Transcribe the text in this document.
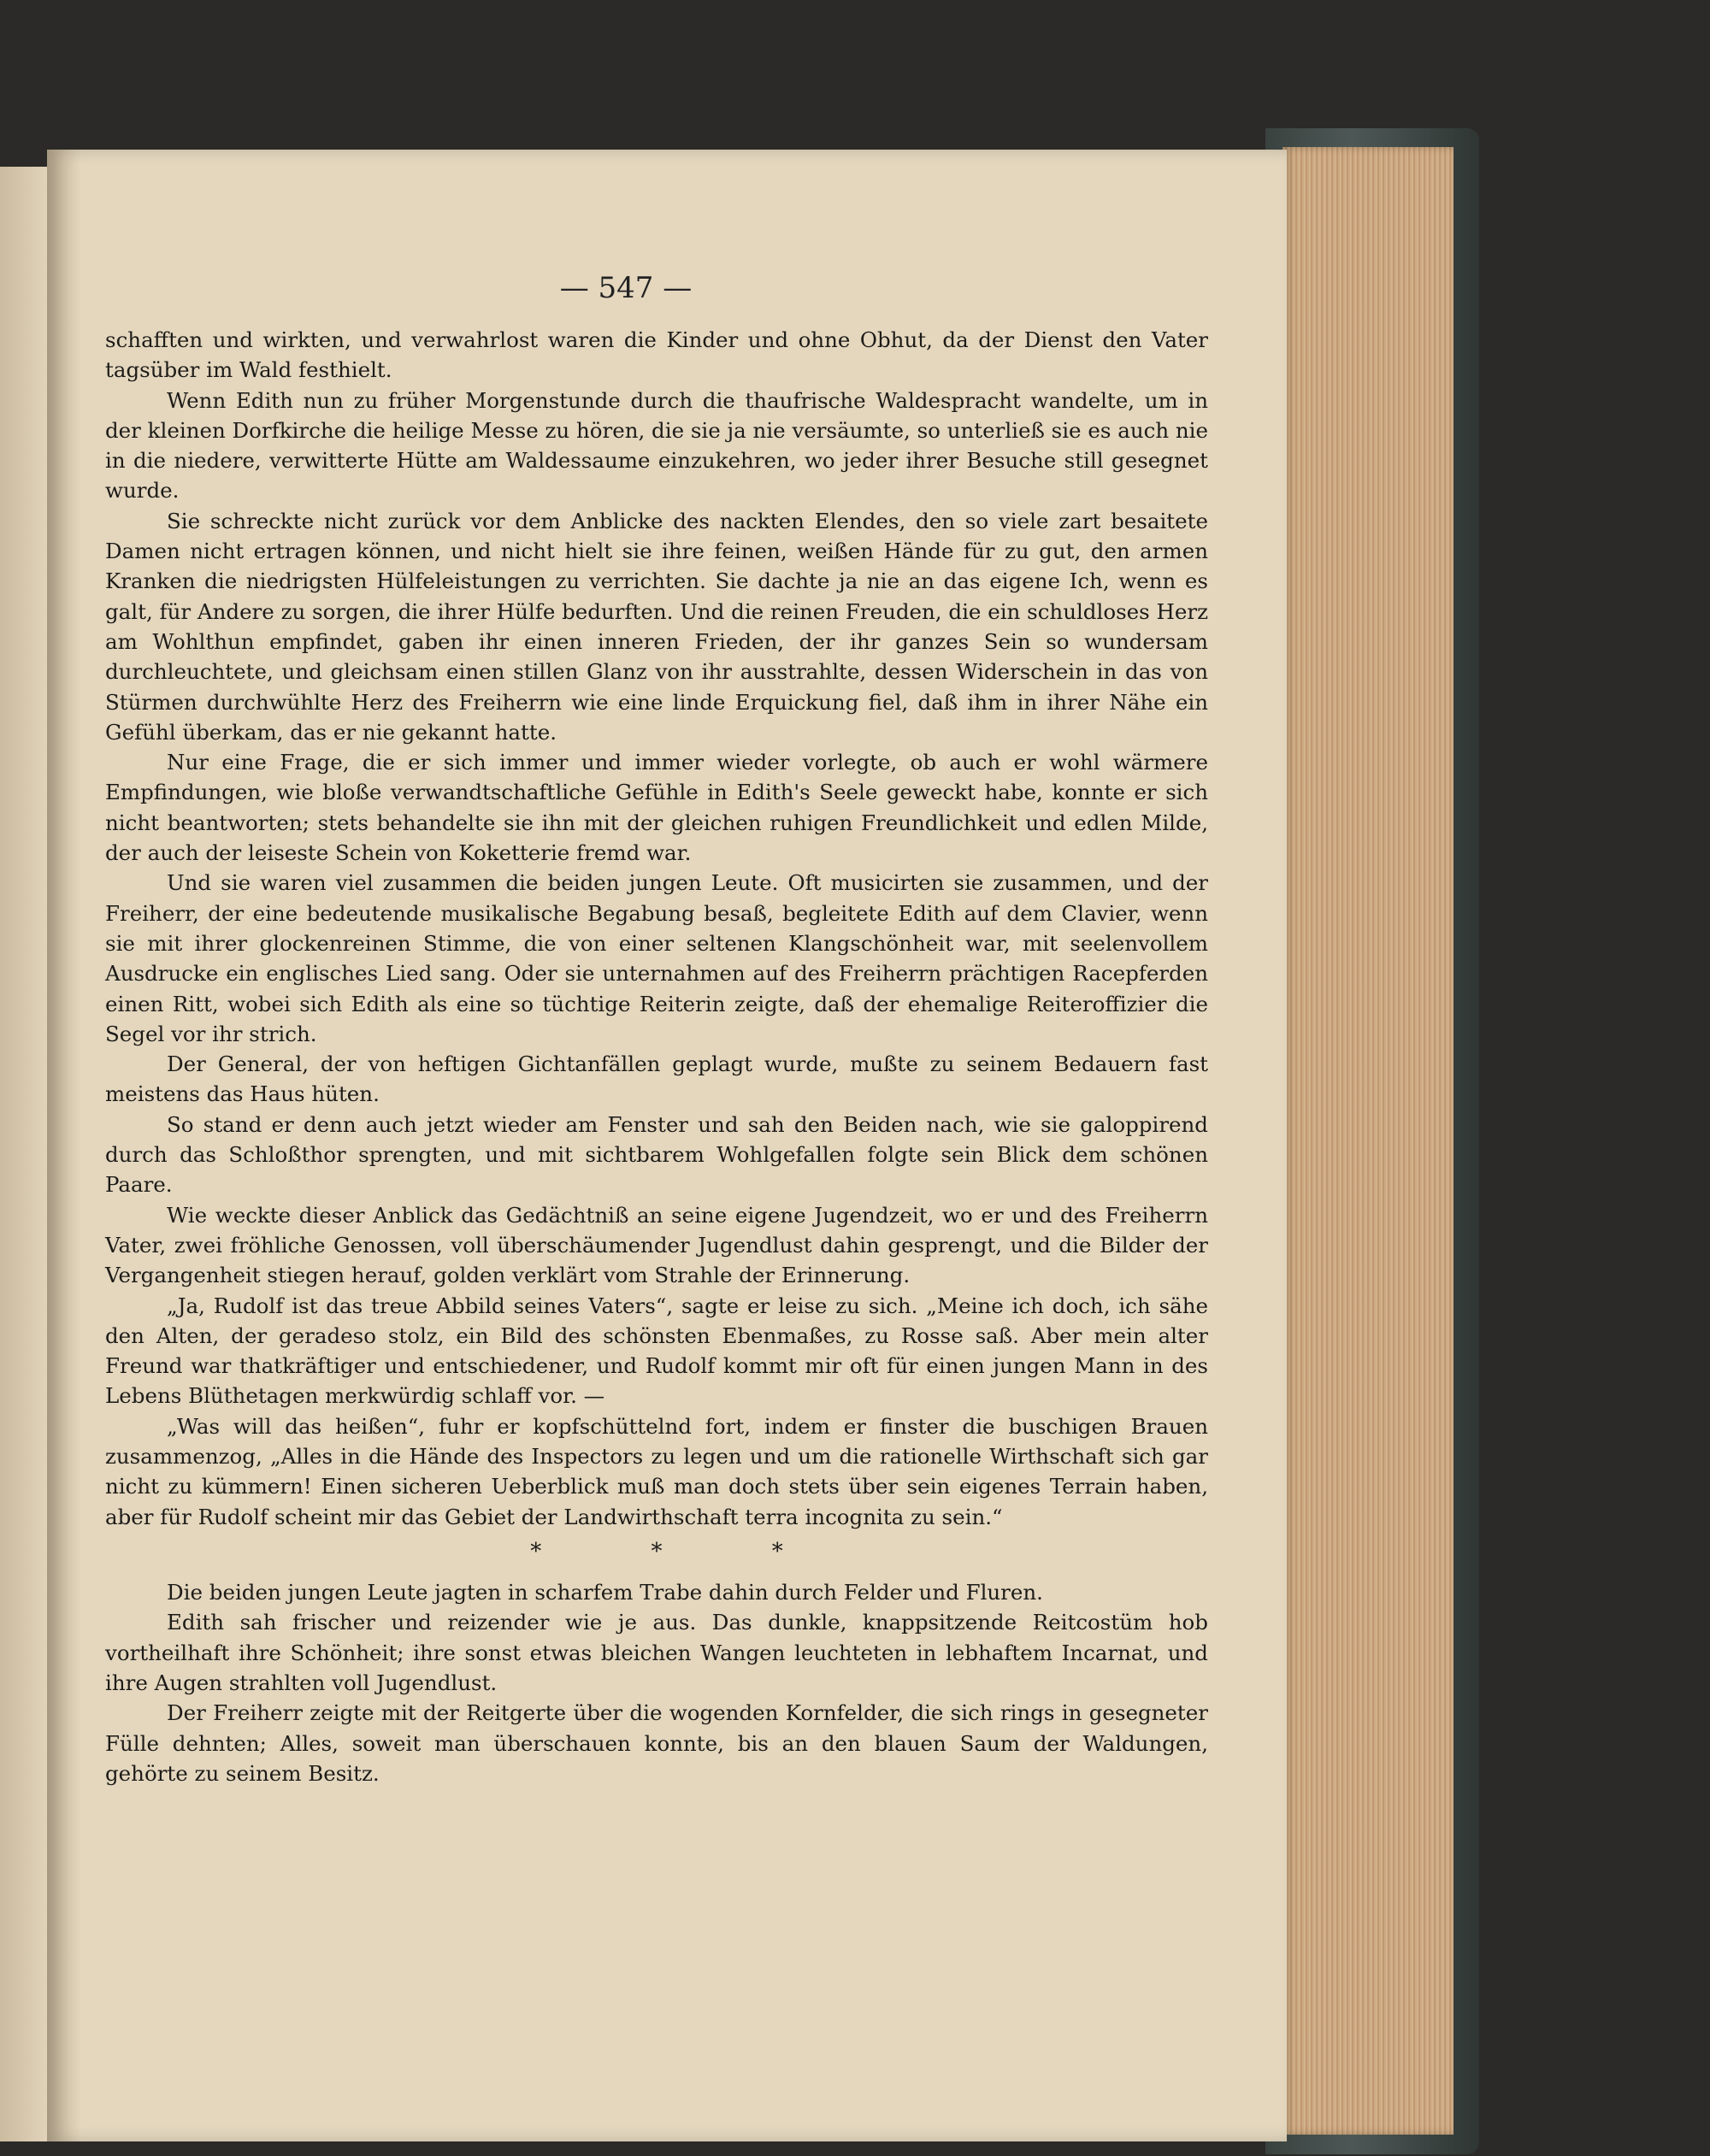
— 547 —

schafften und wirkten, und verwahrlost waren die Kinder und ohne Obhut, da der Dienst den Vater tagsüber im Wald festhielt.

Wenn Edith nun zu früher Morgenstunde durch die thaufrische Waldespracht wandelte, um in der kleinen Dorfkirche die heilige Messe zu hören, die sie ja nie versäumte, so unterließ sie es auch nie in die niedere, verwitterte Hütte am Waldessaume einzukehren, wo jeder ihrer Besuche still gesegnet wurde.

Sie schreckte nicht zurück vor dem Anblicke des nackten Elendes, den so viele zart besaitete Damen nicht ertragen können, und nicht hielt sie ihre feinen, weißen Hände für zu gut, den armen Kranken die niedrigsten Hülfeleistungen zu verrichten. Sie dachte ja nie an das eigene Ich, wenn es galt, für Andere zu sorgen, die ihrer Hülfe bedurften. Und die reinen Freuden, die ein schuldloses Herz am Wohlthun empfindet, gaben ihr einen inneren Frieden, der ihr ganzes Sein so wundersam durchleuchtete, und gleichsam einen stillen Glanz von ihr ausstrahlte, dessen Widerschein in das von Stürmen durchwühlte Herz des Freiherrn wie eine linde Erquickung fiel, daß ihm in ihrer Nähe ein Gefühl überkam, das er nie gekannt hatte.

Nur eine Frage, die er sich immer und immer wieder vorlegte, ob auch er wohl wärmere Empfindungen, wie bloße verwandtschaftliche Gefühle in Edith's Seele geweckt habe, konnte er sich nicht beantworten; stets behandelte sie ihn mit der gleichen ruhigen Freundlichkeit und edlen Milde, der auch der leiseste Schein von Koketterie fremd war.

Und sie waren viel zusammen die beiden jungen Leute. Oft musicirten sie zusammen, und der Freiherr, der eine bedeutende musikalische Begabung besaß, begleitete Edith auf dem Clavier, wenn sie mit ihrer glockenreinen Stimme, die von einer seltenen Klangschönheit war, mit seelenvollem Ausdrucke ein englisches Lied sang. Oder sie unternahmen auf des Freiherrn prächtigen Racepferden einen Ritt, wobei sich Edith als eine so tüchtige Reiterin zeigte, daß der ehemalige Reiteroffizier die Segel vor ihr strich.

Der General, der von heftigen Gichtanfällen geplagt wurde, mußte zu seinem Bedauern fast meistens das Haus hüten.

So stand er denn auch jetzt wieder am Fenster und sah den Beiden nach, wie sie galoppirend durch das Schloßthor sprengten, und mit sichtbarem Wohlgefallen folgte sein Blick dem schönen Paare.

Wie weckte dieser Anblick das Gedächtniß an seine eigene Jugendzeit, wo er und des Freiherrn Vater, zwei fröhliche Genossen, voll überschäumender Jugendlust dahin gesprengt, und die Bilder der Vergangenheit stiegen herauf, golden verklärt vom Strahle der Erinnerung.

„Ja, Rudolf ist das treue Abbild seines Vaters“, sagte er leise zu sich. „Meine ich doch, ich sähe den Alten, der geradeso stolz, ein Bild des schönsten Ebenmaßes, zu Rosse saß. Aber mein alter Freund war thatkräftiger und entschiedener, und Rudolf kommt mir oft für einen jungen Mann in des Lebens Blüthetagen merkwürdig schlaff vor. —

„Was will das heißen“, fuhr er kopfschüttelnd fort, indem er finster die buschigen Brauen zusammenzog, „Alles in die Hände des Inspectors zu legen und um die rationelle Wirthschaft sich gar nicht zu kümmern! Einen sicheren Ueberblick muß man doch stets über sein eigenes Terrain haben, aber für Rudolf scheint mir das Gebiet der Landwirthschaft terra incognita zu sein.“

* * *

Die beiden jungen Leute jagten in scharfem Trabe dahin durch Felder und Fluren.

Edith sah frischer und reizender wie je aus. Das dunkle, knappsitzende Reitcostüm hob vortheilhaft ihre Schönheit; ihre sonst etwas bleichen Wangen leuchteten in lebhaftem Incarnat, und ihre Augen strahlten voll Jugendlust.

Der Freiherr zeigte mit der Reitgerte über die wogenden Kornfelder, die sich rings in gesegneter Fülle dehnten; Alles, soweit man überschauen konnte, bis an den blauen Saum der Waldungen, gehörte zu seinem Besitz.
